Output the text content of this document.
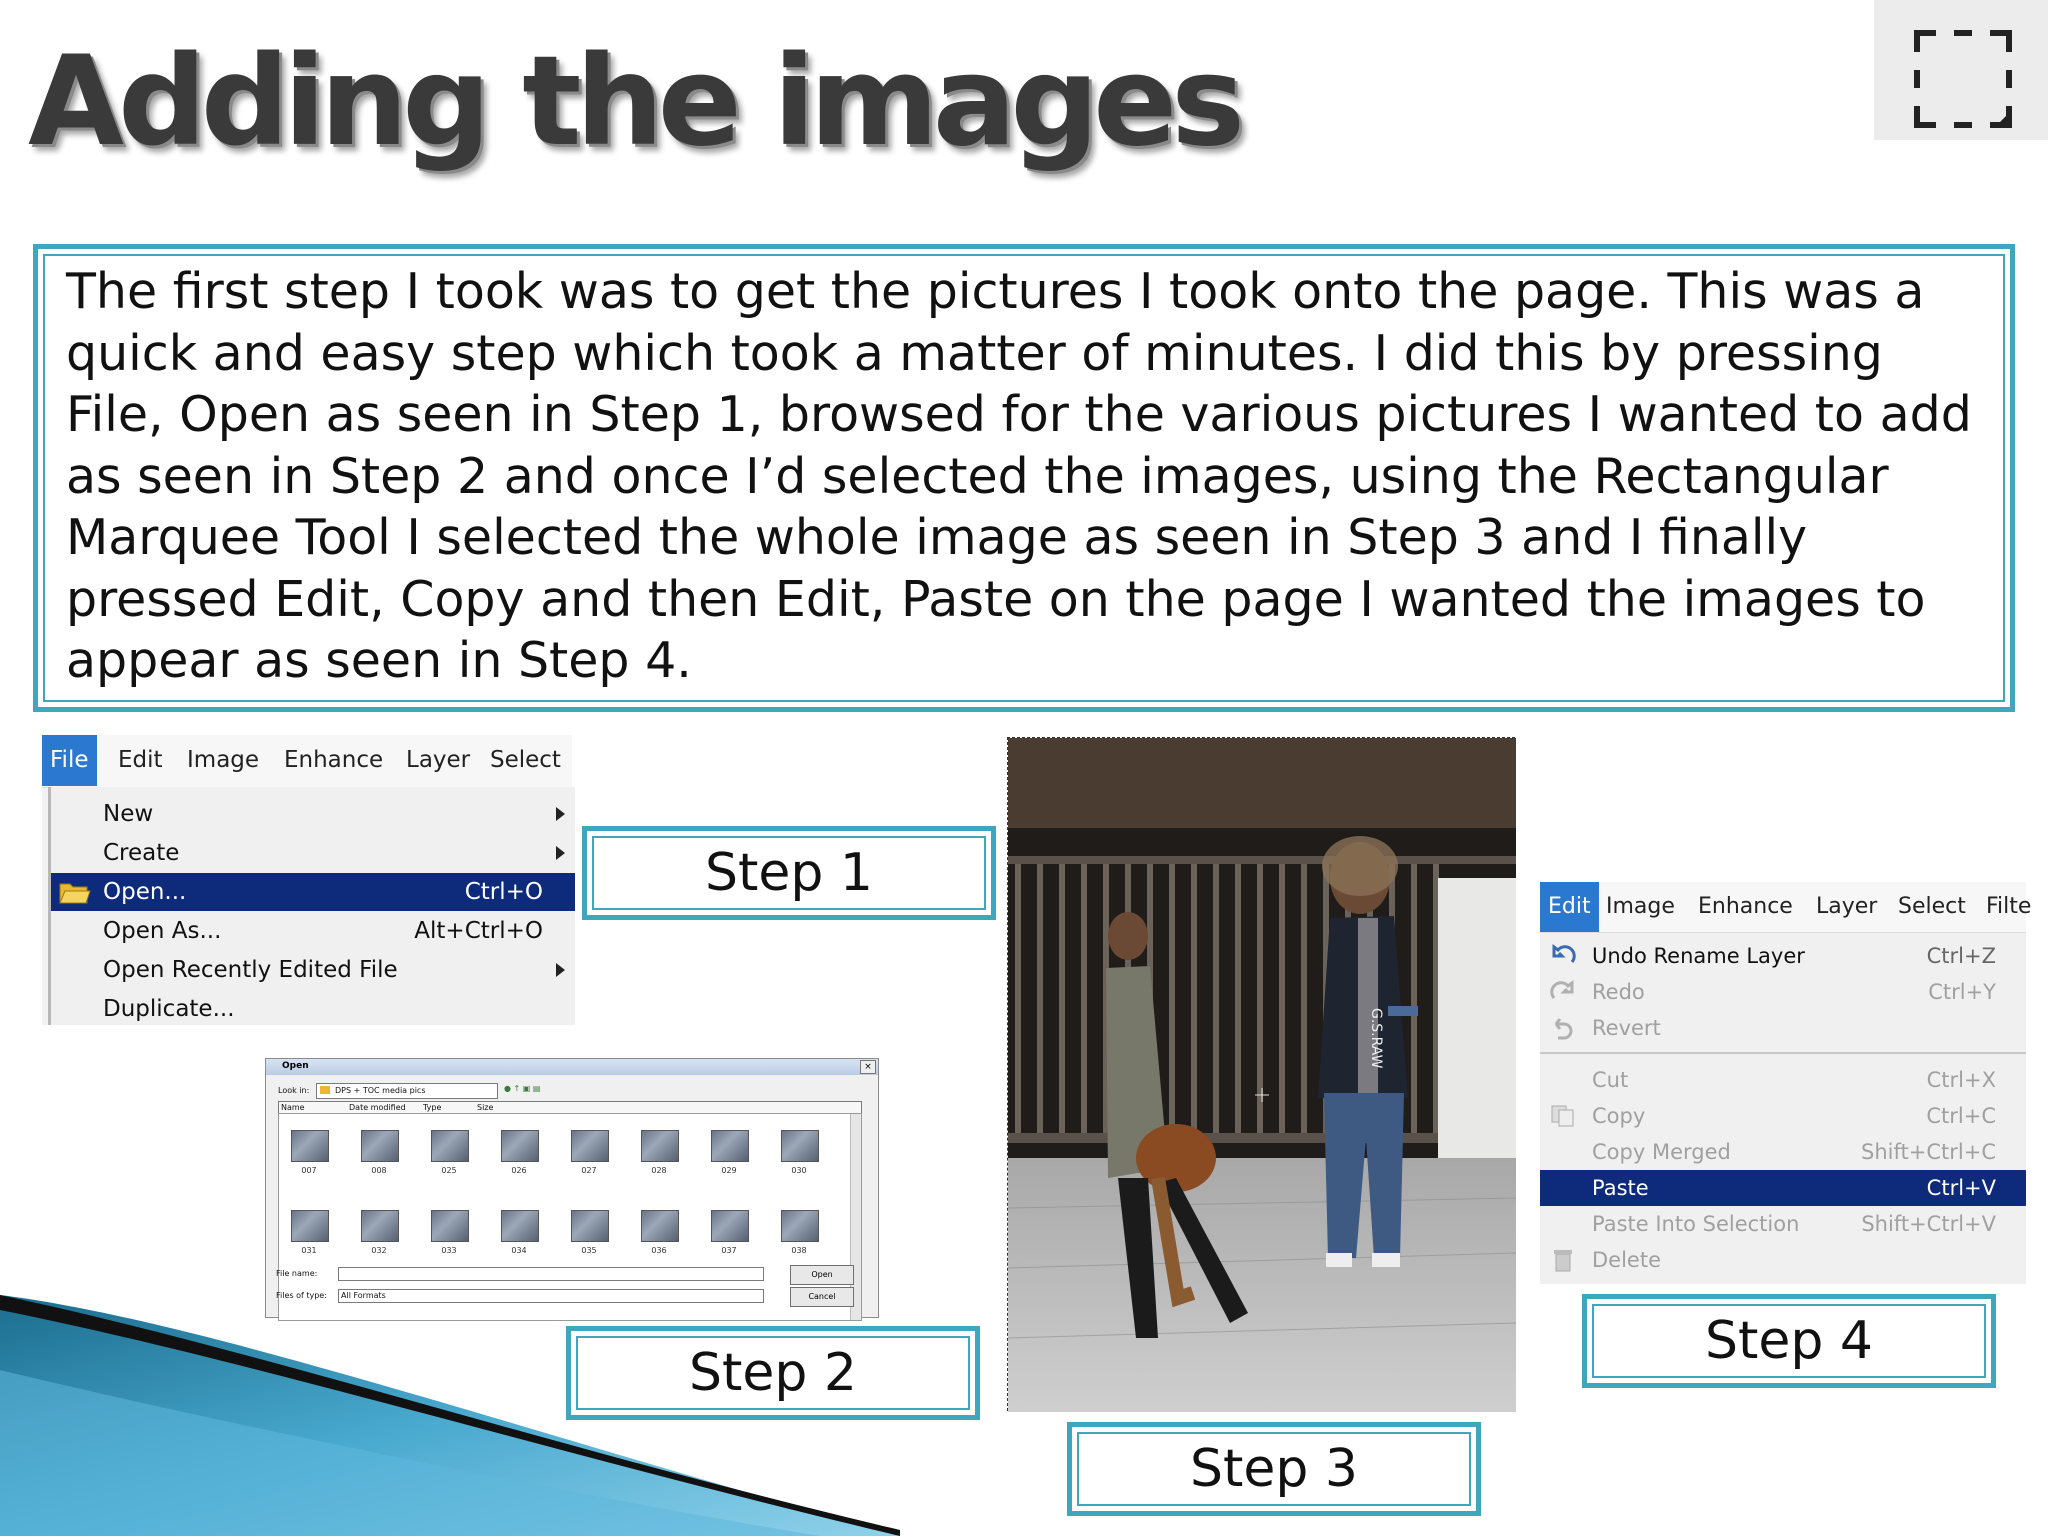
Adding the images
The first step I took was to get the pictures I took onto the page. This was a quick and easy step which took a matter of minutes. I did this by pressing File, Open as seen in Step 1, browsed for the various pictures I wanted to add as seen in Step 2 and once I’d selected the images, using the Rectangular Marquee Tool I selected the whole image as seen in Step 3 and I finally pressed Edit, Copy and then Edit, Paste on the page I wanted the images to appear as seen in Step 4.
File	Edit Image Enhance Layer Select
New
Create
Open...	Ctrl+O
Open As...	Alt+Ctrl+O
Open Recently Edited File
Duplicate...
Step 1
Open	×
Look in:	DPS + TOC media pics	● ↑ ▣ ▤
Name	Date modified Type	Size
007	008	025	026	027	028	029	030
031	032	033	034	035	036	037	038
File name:
Files of type: All Formats
Open
Cancel
Step 2
G.S.RAW
Step 3
Edit Image Enhance Layer Select Filte
Undo Rename Layer	Ctrl+Z
Redo	Ctrl+Y
Revert
Cut	Ctrl+X
Copy	Ctrl+C
Copy Merged	Shift+Ctrl+C
Paste	Ctrl+V
Paste Into Selection	Shift+Ctrl+V
Delete
Step 4
